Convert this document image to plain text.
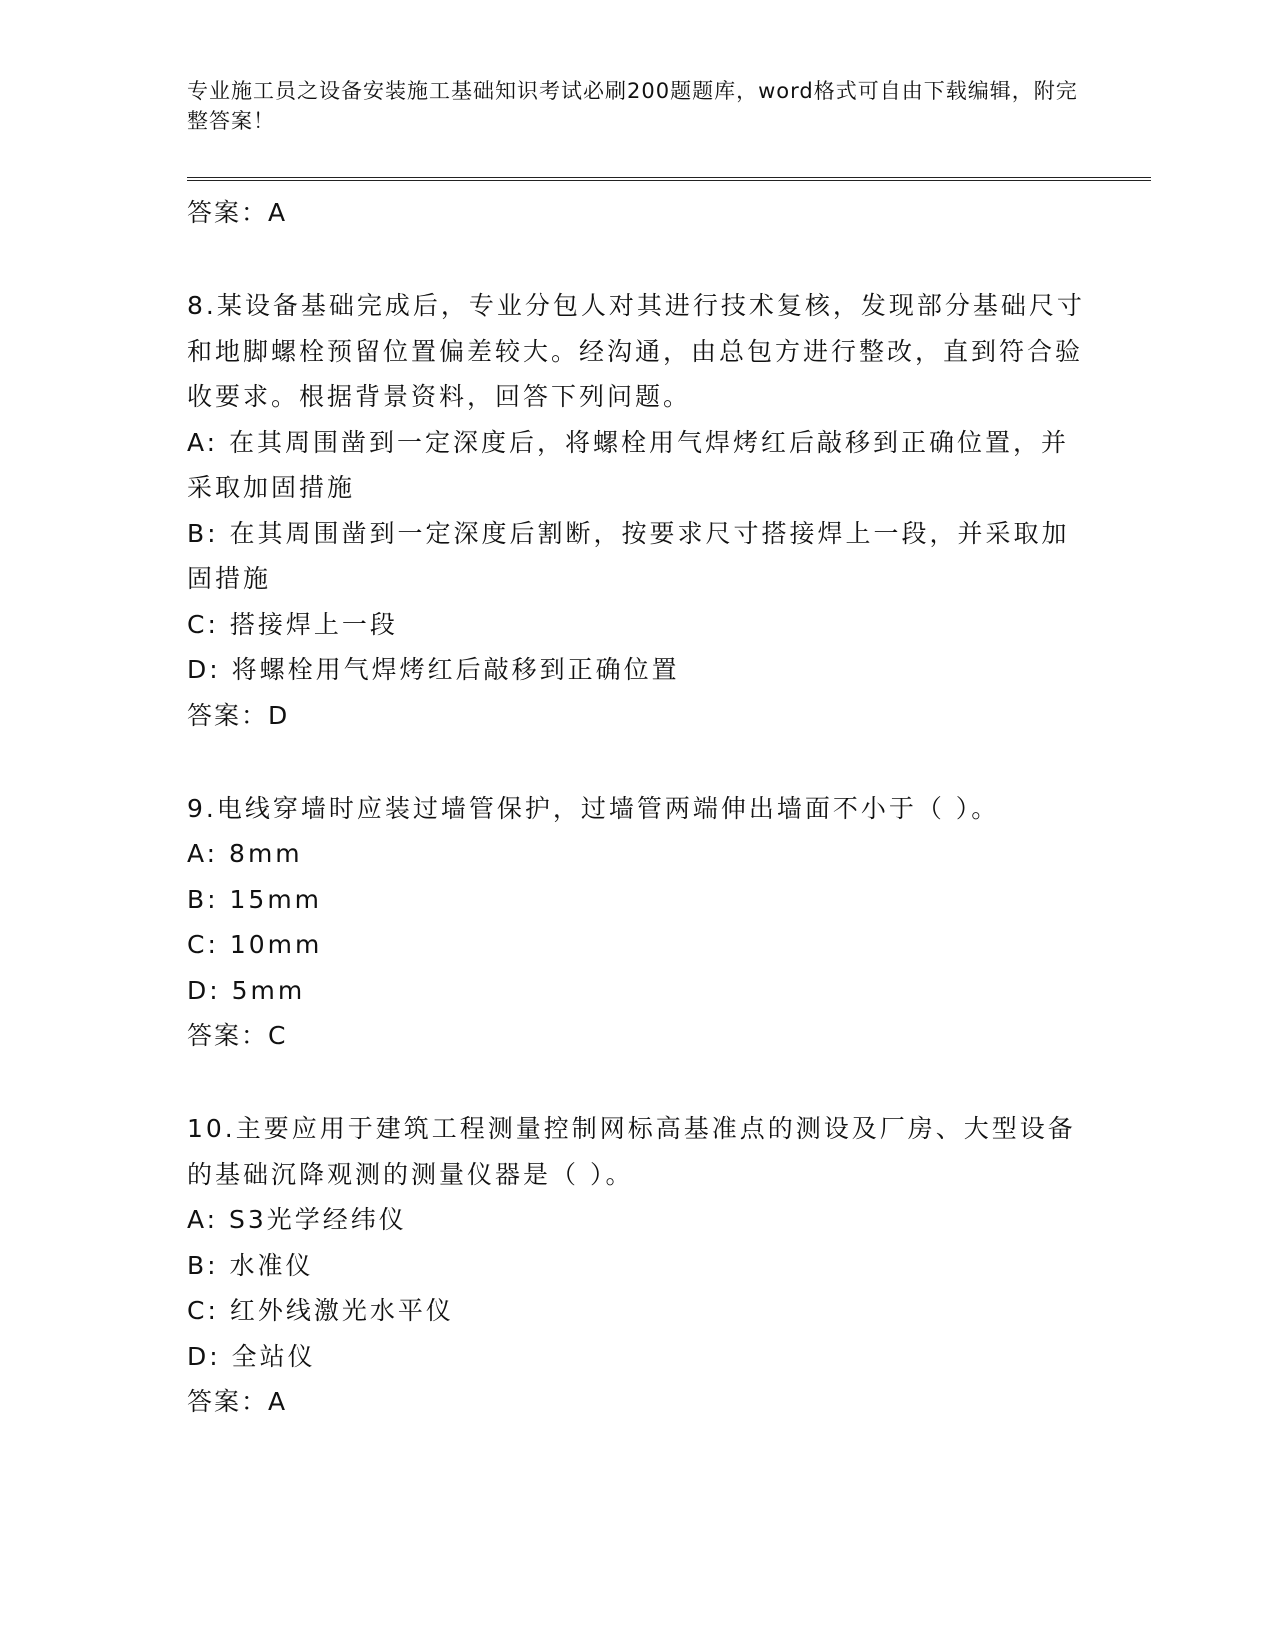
专业施工员之设备安装施工基础知识考试必刷200题题库，word格式可自由下载编辑，附完整答案！
答案：A
8.某设备基础完成后，专业分包人对其进行技术复核，发现部分基础尺寸和地脚螺栓预留位置偏差较大。经沟通，由总包方进行整改，直到符合验收要求。根据背景资料，回答下列问题。
A: 在其周围凿到一定深度后，将螺栓用气焊烤红后敲移到正确位置，并采取加固措施
B: 在其周围凿到一定深度后割断，按要求尺寸搭接焊上一段，并采取加固措施
C: 搭接焊上一段
D: 将螺栓用气焊烤红后敲移到正确位置
答案：D
9.电线穿墙时应装过墙管保护，过墙管两端伸出墙面不小于（ ）。
A: 8mm
B: 15mm
C: 10mm
D: 5mm
答案：C
10.主要应用于建筑工程测量控制网标高基准点的测设及厂房、大型设备的基础沉降观测的测量仪器是（ ）。
A: S3光学经纬仪
B: 水准仪
C: 红外线激光水平仪
D: 全站仪
答案：A
